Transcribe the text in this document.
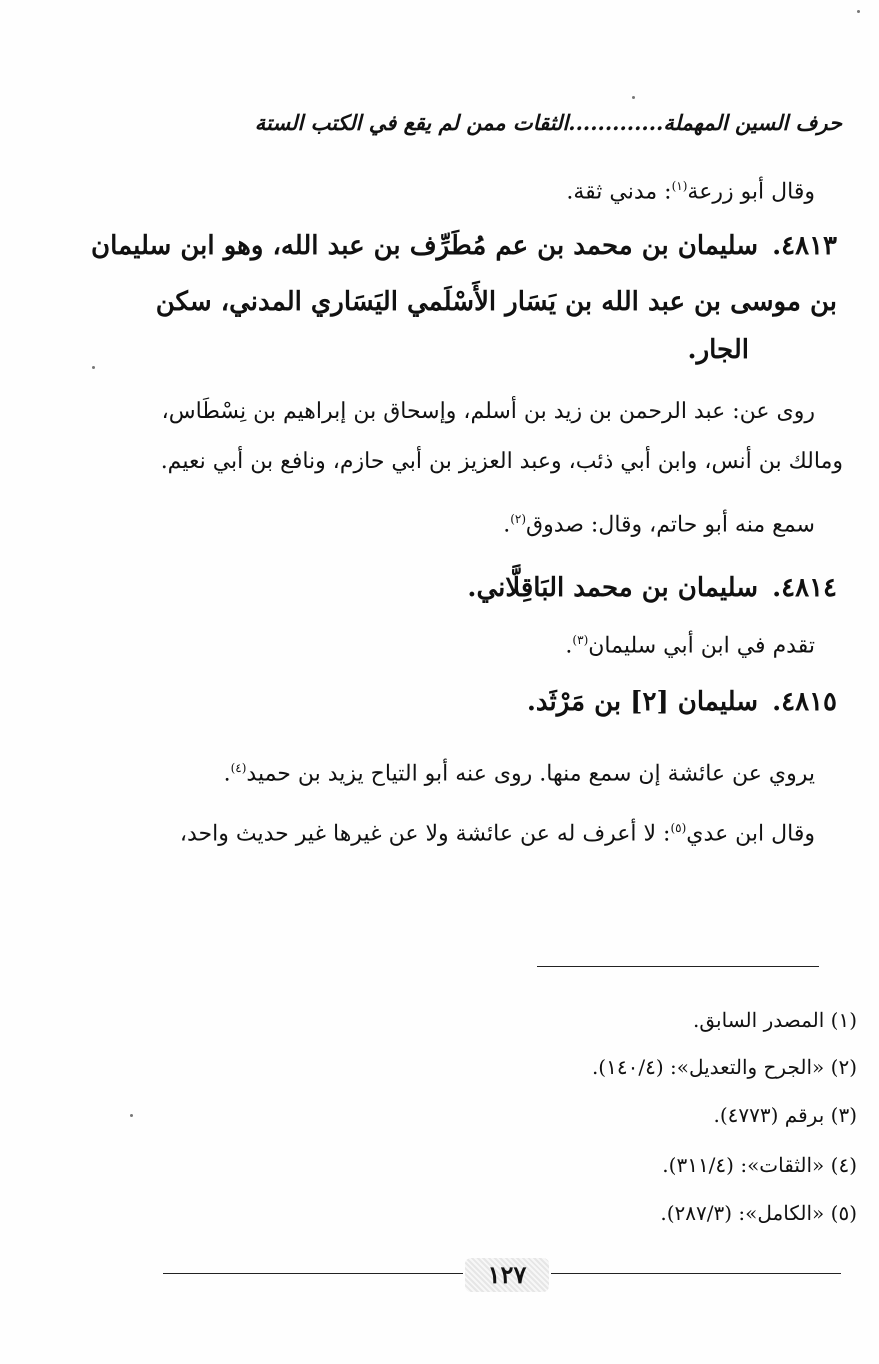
حرف السين المهملة.............الثقات ممن لم يقع في الكتب الستة
وقال أبو زرعة$^{(١)}$: مدني ثقة.
٤٨١٣.سليمان بن محمد بن عم مُطَرِّف بن عبد الله، وهو ابن سليمان
بن موسى بن عبد الله بن يَسَار الأَسْلَمي اليَسَاري المدني، سكن
الجار.
روى عن: عبد الرحمن بن زيد بن أسلم، وإسحاق بن إبراهيم بن نِسْطَاس،
ومالك بن أنس، وابن أبي ذئب، وعبد العزيز بن أبي حازم، ونافع بن أبي نعيم.
سمع منه أبو حاتم، وقال: صدوق$^{(٢)}$.
٤٨١٤.سليمان بن محمد البَاقِلَّاني.
تقدم في ابن أبي سليمان$^{(٣)}$.
٤٨١٥.سليمان [٢] بن مَرْثَد.
يروي عن عائشة إن سمع منها. روى عنه أبو التياح يزيد بن حميد$^{(٤)}$.
وقال ابن عدي$^{(٥)}$: لا أعرف له عن عائشة ولا عن غيرها غير حديث واحد،
(١) المصدر السابق.
(٢) «الجرح والتعديل»: (١٤٠/٤).
(٣) برقم (٤٧٧٣).
(٤) «الثقات»: (٣١١/٤).
(٥) «الكامل»: (٢٨٧/٣).
١٢٧
